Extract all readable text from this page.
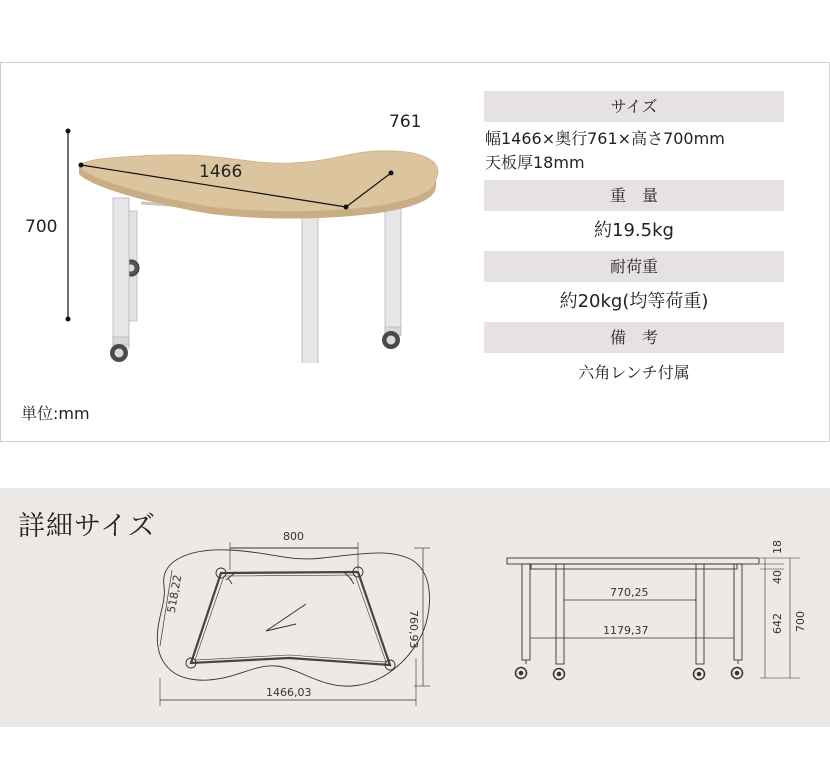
700
1466
761
単位:mm
サイズ
幅1466×奥行761×高さ700mm
天板厚18mm
重　量
約19.5kg
耐荷重
約20kg(均等荷重)
備　考
六角レンチ付属
詳細サイズ	800
518,22
760,93
1466,03
770,25
1179,37
18
40
642 700
